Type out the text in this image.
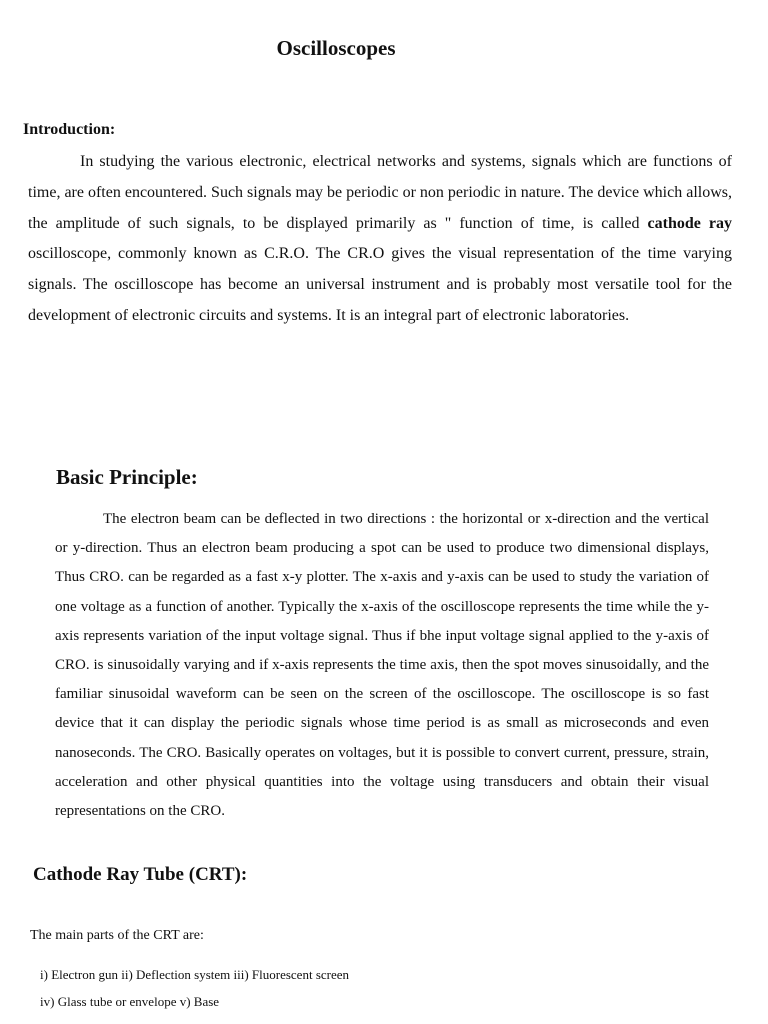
Oscilloscopes
Introduction:

In studying the various electronic, electrical networks and systems, signals which are functions of time, are often encountered. Such signals may be periodic or non periodic in nature. The device which allows, the amplitude of such signals, to be displayed primarily as " function of time, is called cathode ray oscilloscope, commonly known as C.R.O. The CR.O gives the visual representation of the time varying signals. The oscilloscope has become an universal instrument and is probably most versatile tool for the development of electronic circuits and systems. It is an integral part of electronic laboratories.

Basic Principle:

The electron beam can be deflected in two directions : the horizontal or x-direction and the vertical or y-direction. Thus an electron beam producing a spot can be used to produce two dimensional displays, Thus CRO. can be regarded as a fast x-y plotter. The x-axis and y-axis can be used to study the variation of one voltage as a function of another. Typically the x-axis of the oscilloscope represents the time while the y-axis represents variation of the input voltage signal. Thus if bhe input voltage signal applied to the y-axis of CRO. is sinusoidally varying and if x-axis represents the time axis, then the spot moves sinusoidally, and the familiar sinusoidal waveform can be seen on the screen of the oscilloscope. The oscilloscope is so fast device that it can display the periodic signals whose time period is as small as microseconds and even nanoseconds. The CRO. Basically operates on voltages, but it is possible to convert current, pressure, strain, acceleration and other physical quantities into the voltage using transducers and obtain their visual representations on the CRO.

Cathode Ray Tube (CRT):

The main parts of the CRT are:

i) Electron gun ii) Deflection system iii) Fluorescent screen
iv) Glass tube or envelope v) Base
